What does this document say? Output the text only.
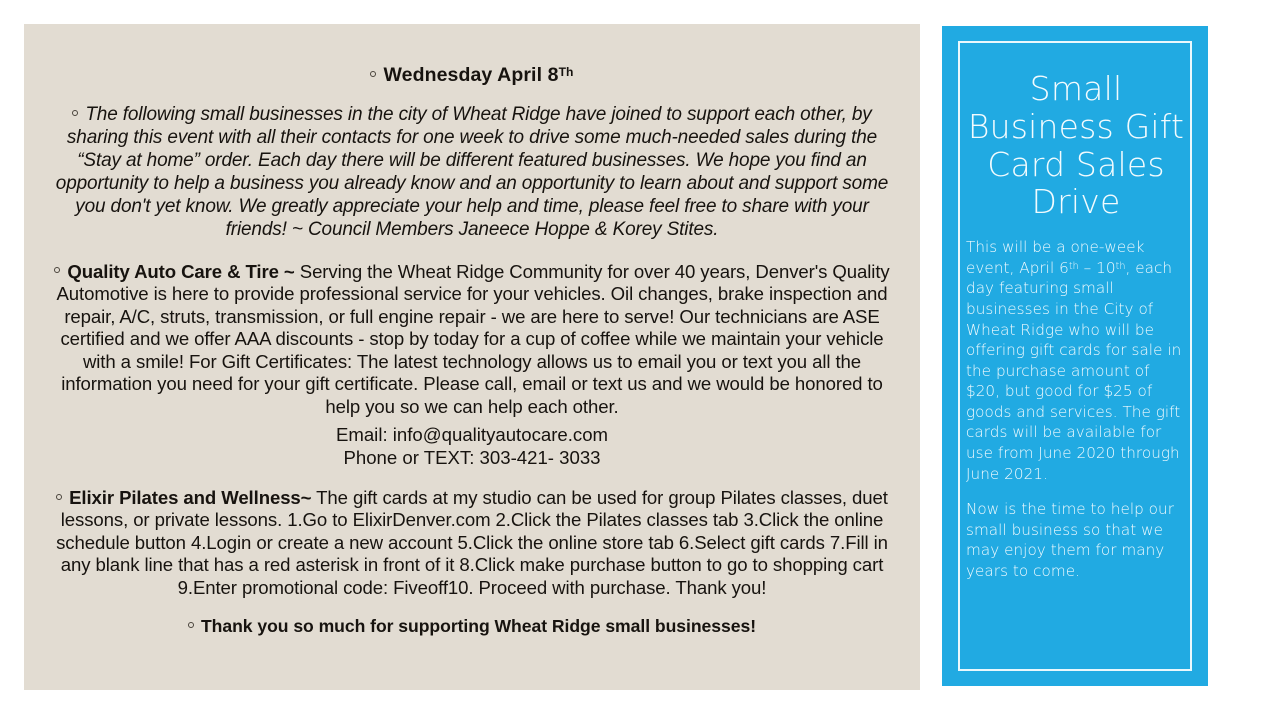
Wednesday April 8Th
The following small businesses in the city of Wheat Ridge have joined to support each other, by sharing this event with all their contacts for one week to drive some much-needed sales during the “Stay at home” order. Each day there will be different featured businesses. We hope you find an opportunity to help a business you already know and an opportunity to learn about and support some you don't yet know. We greatly appreciate your help and time, please feel free to share with your friends! ~ Council Members Janeece Hoppe & Korey Stites.
Quality Auto Care & Tire ~ Serving the Wheat Ridge Community for over 40 years, Denver's Quality Automotive is here to provide professional service for your vehicles. Oil changes, brake inspection and repair, A/C, struts, transmission, or full engine repair - we are here to serve! Our technicians are ASE certified and we offer AAA discounts - stop by today for a cup of coffee while we maintain your vehicle with a smile! For Gift Certificates: The latest technology allows us to email you or text you all the information you need for your gift certificate. Please call, email or text us and we would be honored to help you so we can help each other.
Email: info@qualityautocare.com
Phone or TEXT: 303-421- 3033
Elixir Pilates and Wellness~ The gift cards at my studio can be used for group Pilates classes, duet lessons, or private lessons. 1.Go to ElixirDenver.com 2.Click the Pilates classes tab 3.Click the online schedule button 4.Login or create a new account 5.Click the online store tab 6.Select gift cards 7.Fill in any blank line that has a red asterisk in front of it 8.Click make purchase button to go to shopping cart 9.Enter promotional code: Fiveoff10. Proceed with purchase. Thank you!
Thank you so much for supporting Wheat Ridge small businesses!
Small Business Gift Card Sales Drive
This will be a one-week event, April 6th – 10th, each day featuring small businesses in the City of Wheat Ridge who will be offering gift cards for sale in the purchase amount of $20, but good for $25 of goods and services. The gift cards will be available for use from June 2020 through June 2021.
Now is the time to help our small business so that we may enjoy them for many years to come.
